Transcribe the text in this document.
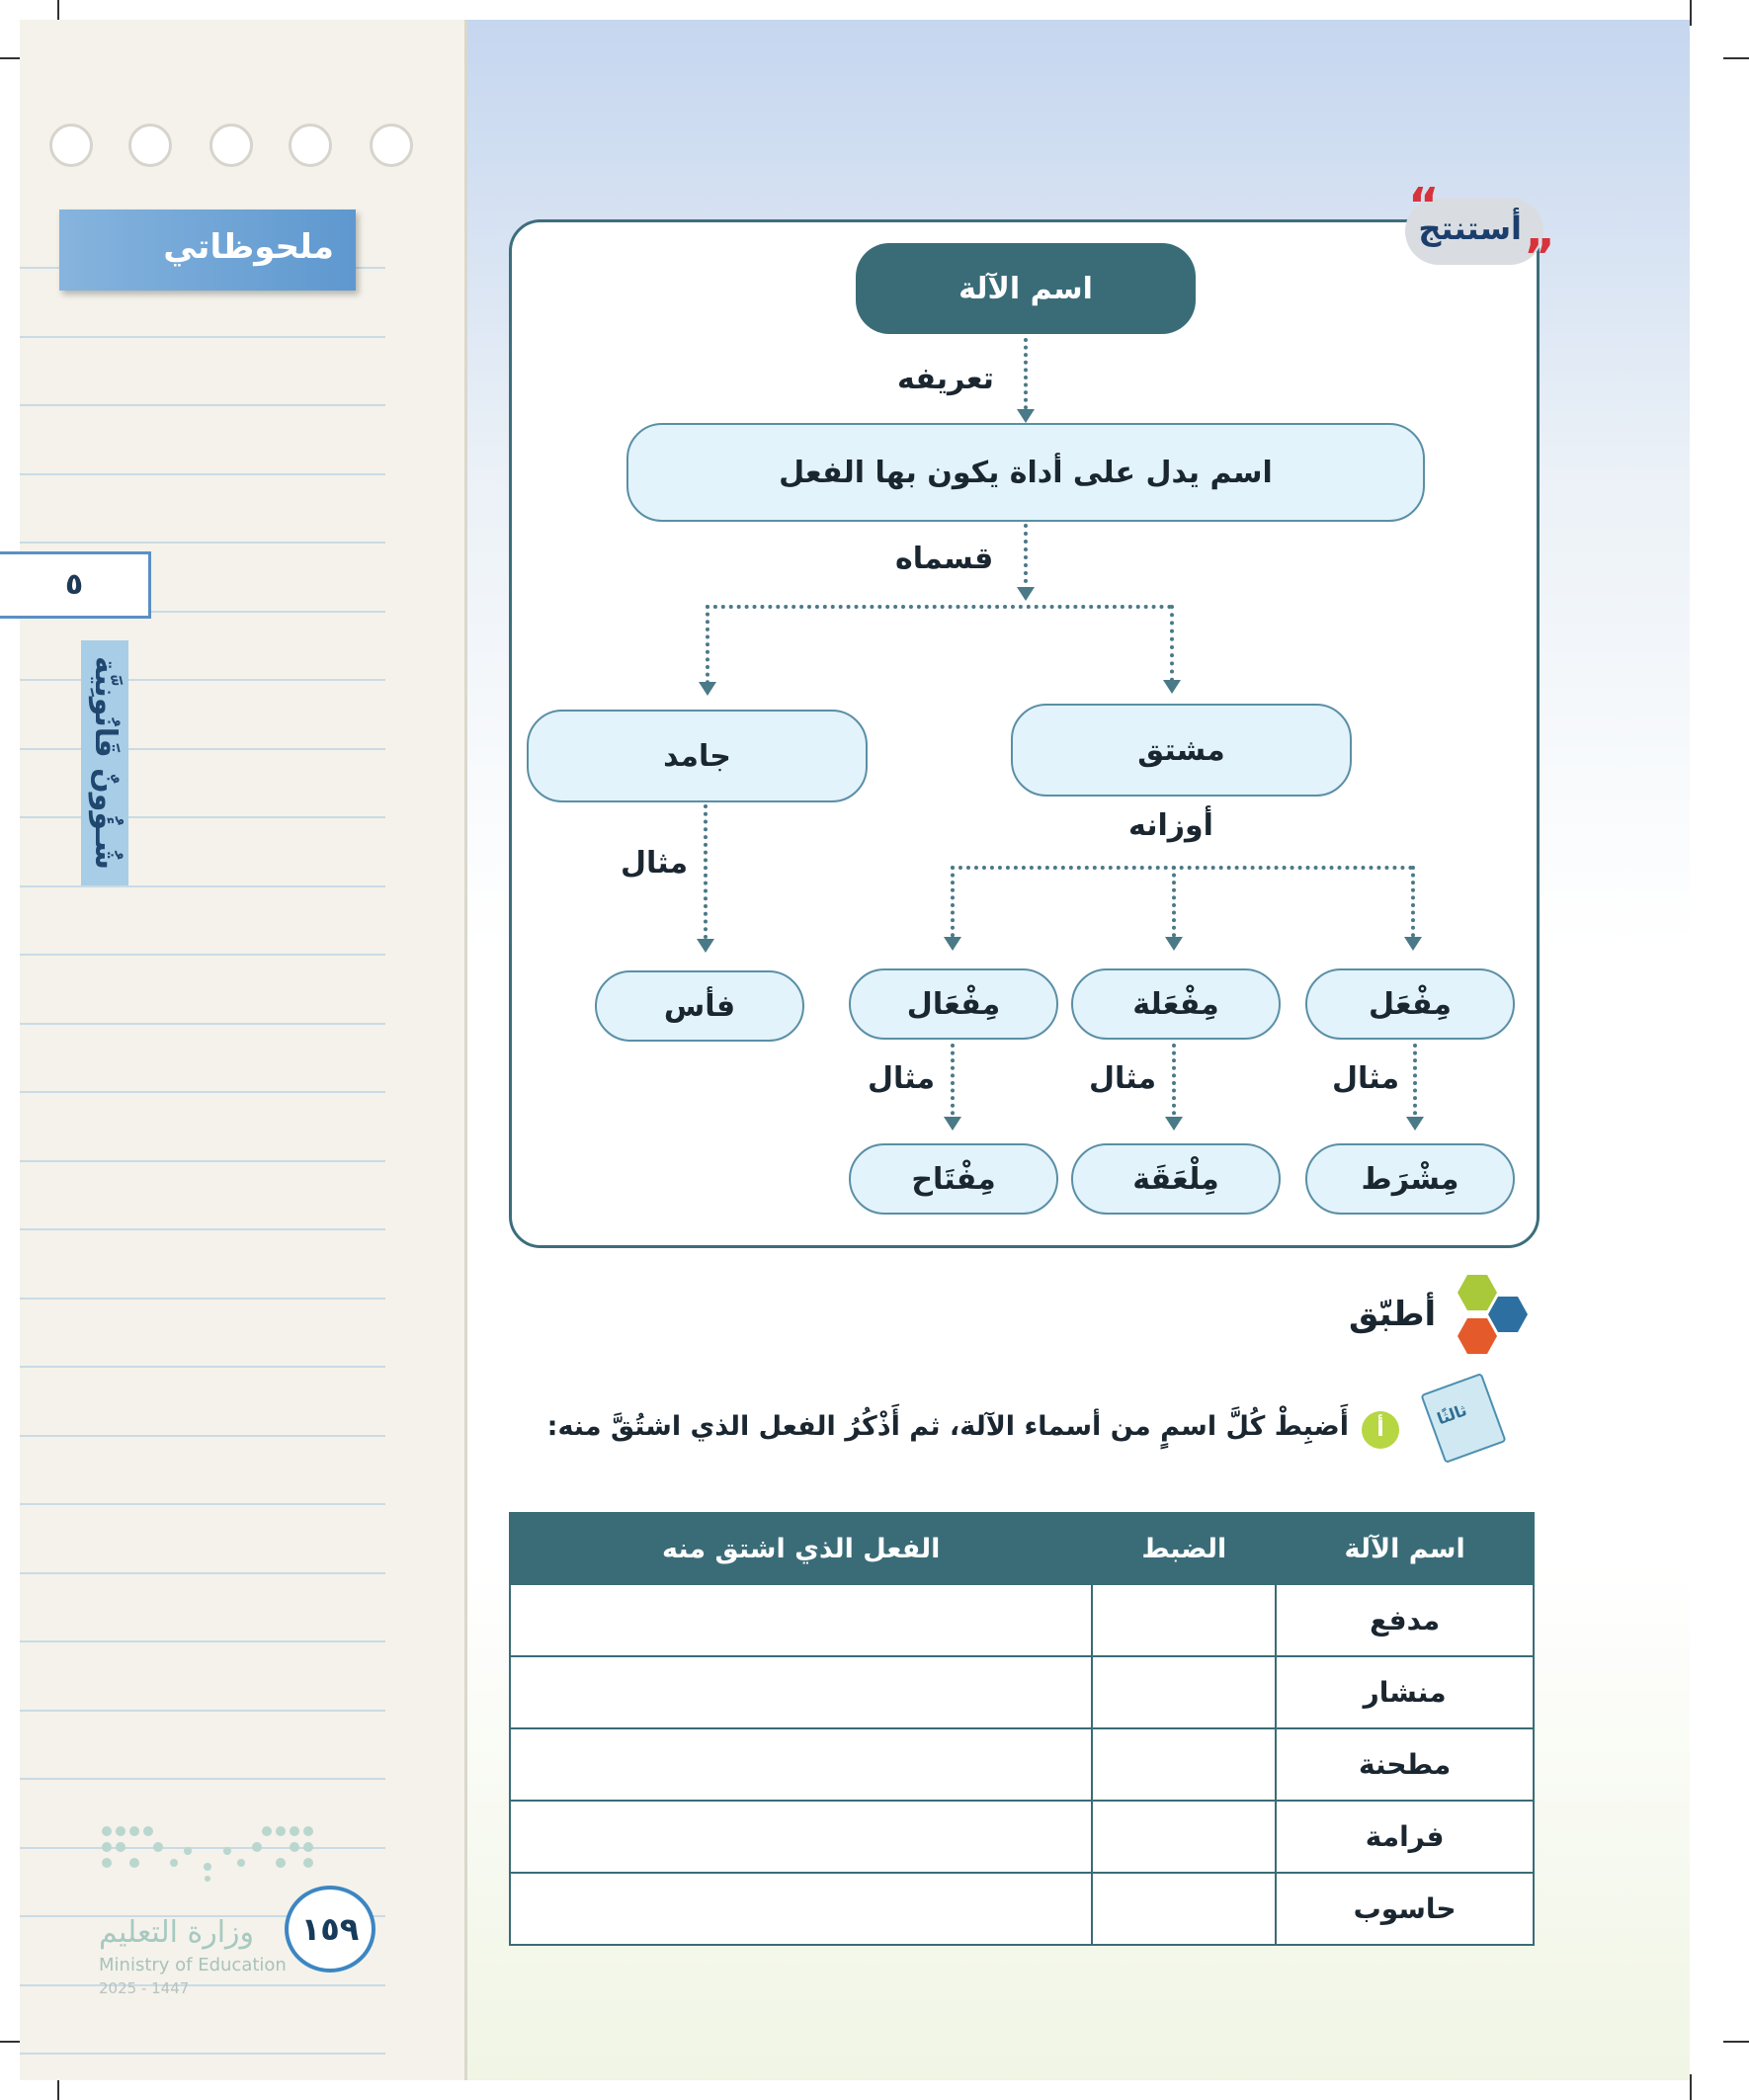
ملحوظاتي
٥
شُـؤُونٌ قَانُونِيَّة
وزارة التعليم
Ministry of Education
2025 - 1447
١٥٩
أستنتج
“
”
اسم الآلة
تعريفه
اسم يدل على أداة يكون بها الفعل
قسماه
مشتق
جامد
أوزانه
مِفْعَل
مِفْعَلة
مِفْعَال
فأس
مثال
مثال
مثال
مثال
مِشْرَط
مِلْعَقَة
مِفْتَاح
أطبّق
ثالثًا
أ
أَضبِطْ كُلَّ اسمٍ من أسماء الآلة، ثم أَذْكُرُ الفعل الذي اشتُقَّ منه:
اسم الآلة	الضبط	الفعل الذي اشتق منه
مدفع		
منشار		
مطحنة		
فرامة		
حاسوب		
